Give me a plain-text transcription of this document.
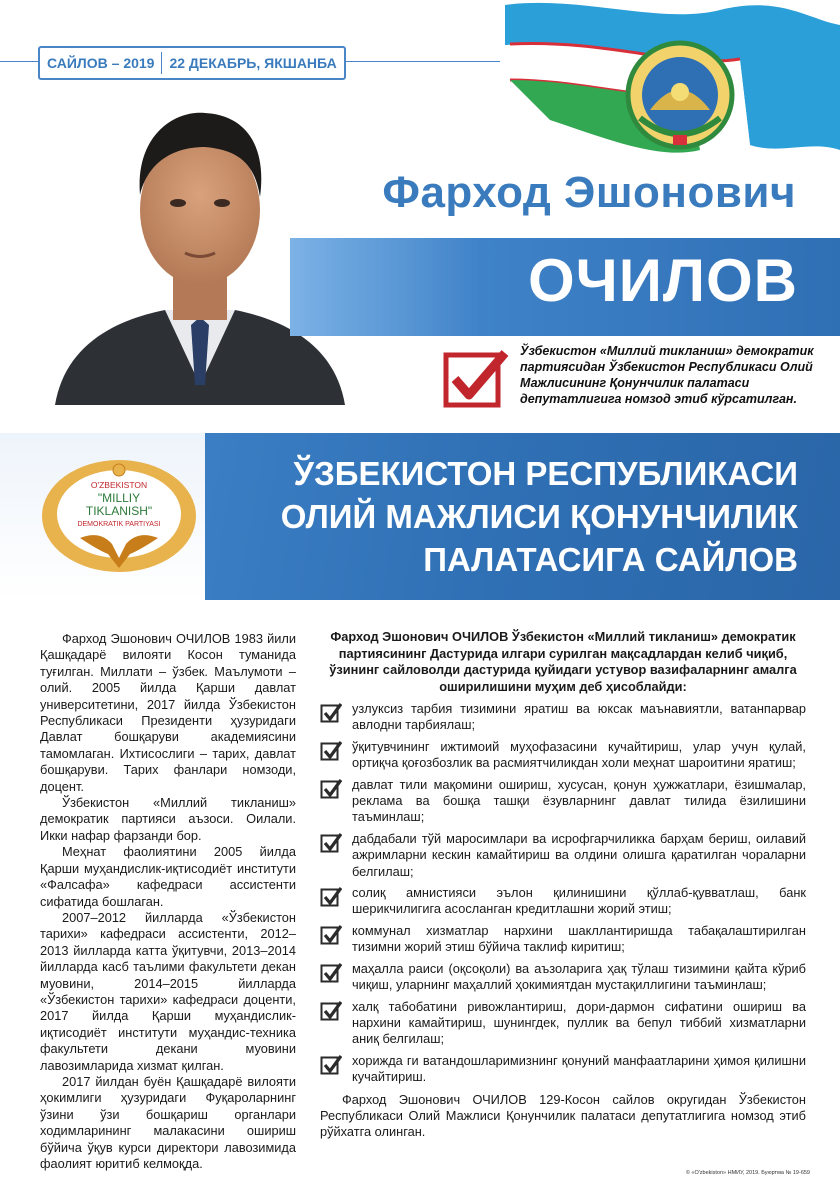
САЙЛОВ – 2019	22 ДЕКАБРЬ, ЯКШАНБА
Фарход Эшонович
ОЧИЛОВ
Ўзбекистон «Миллий тикланиш» демократик партиясидан Ўзбекистон Республикаси Олий Мажлисининг Қонунчилик палатаси депутатлигига номзод этиб кўрсатилган.
ЎЗБЕКИСТОН РЕСПУБЛИКАСИ
ОЛИЙ МАЖЛИСИ ҚОНУНЧИЛИК
ПАЛАТАСИГА САЙЛОВ
O'ZBEKISTON
"MILLIY
TIKLANISH"
DEMOKRATIK PARTIYASI

Фарход Эшонович ОЧИЛОВ 1983 йили Қашқадарё вилояти Косон туманида туғилган. Миллати – ўзбек. Маълумоти – олий. 2005 йилда Қарши давлат университетини, 2017 йилда Ўзбекистон Республикаси Президенти ҳузуридаги Давлат бошқаруви академиясини тамомлаган. Ихтисослиги – тарих, давлат бошқаруви. Тарих фанлари номзоди, доцент.

Ўзбекистон «Миллий тикланиш» демократик партияси аъзоси. Оилали. Икки нафар фарзанди бор.

Меҳнат фаолиятини 2005 йилда Қарши муҳандислик-иқтисодиёт институти «Фалсафа» кафедраси ассистенти сифатида бошлаган.

2007–2012 йилларда «Ўзбекистон тарихи» кафедраси ассистенти, 2012–2013 йилларда катта ўқитувчи, 2013–2014 йилларда касб таълими факультети декан муовини, 2014–2015 йилларда «Ўзбекистон тарихи» кафедраси доценти, 2017 йилда Қарши муҳандислик-иқтисодиёт институти муҳандис-техника факультети декани муовини лавозимларида хизмат қилган.

2017 йилдан буён Қашқадарё вилояти ҳокимлиги ҳузуридаги Фуқароларнинг ўзини ўзи бошқариш органлари ходимларининг малакасини ошириш бўйича ўқув курси директори лавозимида фаолият юритиб келмоқда.

Фарход Эшонович ОЧИЛОВ Ўзбекистон «Миллий тикланиш» демократик партиясининг Дастурида илгари сурилган мақсадлардан келиб чиқиб, ўзининг сайловолди дастурида қуйидаги устувор вазифаларнинг амалга оширилишини муҳим деб ҳисоблайди:

узлуксиз тарбия тизимини яратиш ва юксак маънавиятли, ватанпарвар авлодни тарбиялаш;
ўқитувчининг ижтимоий муҳофазасини кучайтириш, улар учун қулай, ортиқча қоғозбозлик ва расмиятчиликдан холи меҳнат шароитини яратиш;
давлат тили мақомини ошириш, хусусан, қонун ҳужжатлари, ёзишмалар, реклама ва бошқа ташқи ёзувларнинг давлат тилида ёзилишини таъминлаш;
дабдабали тўй маросимлари ва исрофгарчиликка барҳам бериш, оилавий ажримларни кескин камайтириш ва олдини олишга қаратилган чораларни белгилаш;
солиқ амнистияси эълон қилинишини қўллаб-қувватлаш, банк шерикчилигига асосланган кредитлашни жорий этиш;
коммунал хизматлар нархини шакллантиришда табақалаштирилган тизимни жорий этиш бўйича таклиф киритиш;
маҳалла раиси (оқсоқоли) ва аъзоларига ҳақ тўлаш тизимини қайта кўриб чиқиш, уларнинг маҳаллий ҳокимиятдан мустақиллигини таъминлаш;
халқ табобатини ривожлантириш, дори-дармон сифатини ошириш ва нархини камайтириш, шунингдек, пуллик ва бепул тиббий хизматларни аниқ белгилаш;
хорижда ги ватандошларимизнинг қонуний манфаатларини ҳимоя қилишни кучайтириш.

Фарход Эшонович ОЧИЛОВ 129-Косон сайлов округидан Ўзбекистон Республикаси Олий Мажлиси Қонунчилик палатаси депутатлигига номзод этиб рўйхатга олинган.

© «O'zbekiston» НМИУ, 2019. Буюртма № 19-659
